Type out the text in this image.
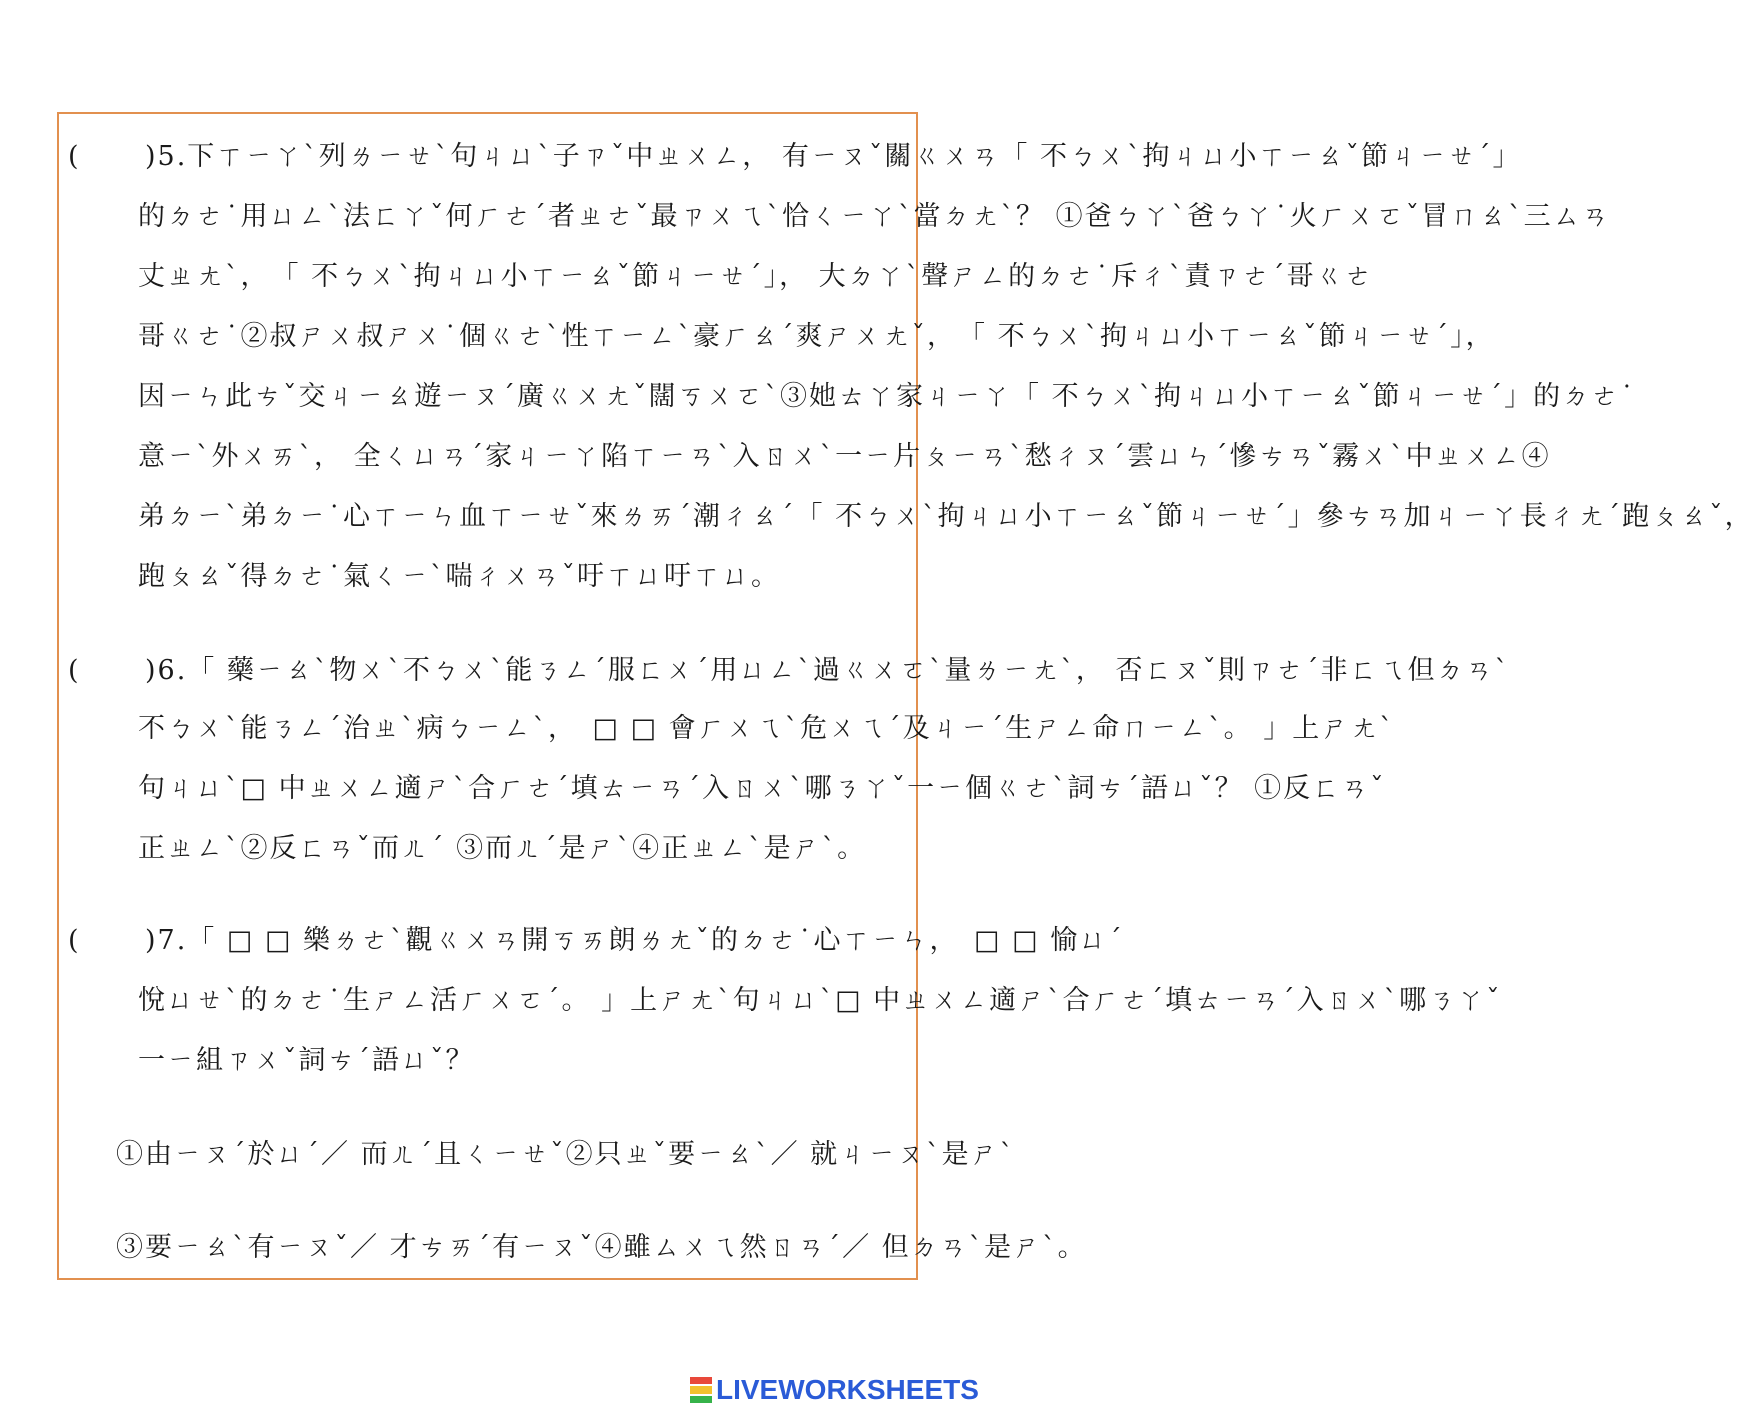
( )5.下ㄒㄧㄚˋ列ㄌㄧㄝˋ句ㄐㄩˋ子ㄗˇ中ㄓㄨㄥ， 有ㄧㄡˇ關ㄍㄨㄢ「 不ㄅㄨˋ拘ㄐㄩ小ㄒㄧㄠˇ節ㄐㄧㄝˊ」
的ㄉㄜ˙用ㄩㄥˋ法ㄈㄚˇ何ㄏㄜˊ者ㄓㄜˇ最ㄗㄨㄟˋ恰ㄑㄧㄚˋ當ㄉㄤˋ？ ①爸ㄅㄚˋ爸ㄅㄚ˙火ㄏㄨㄛˇ冒ㄇㄠˋ三ㄙㄢ
丈ㄓㄤˋ，　「 不ㄅㄨˋ拘ㄐㄩ小ㄒㄧㄠˇ節ㄐㄧㄝˊ」， 大ㄉㄚˋ聲ㄕㄥ的ㄉㄜ˙斥ㄔˋ責ㄗㄜˊ哥ㄍㄜ
哥ㄍㄜ˙②叔ㄕㄨ叔ㄕㄨ˙個ㄍㄜˋ性ㄒㄧㄥˋ豪ㄏㄠˊ爽ㄕㄨㄤˇ，　「 不ㄅㄨˋ拘ㄐㄩ小ㄒㄧㄠˇ節ㄐㄧㄝˊ」，
因ㄧㄣ此ㄘˇ交ㄐㄧㄠ遊ㄧㄡˊ廣ㄍㄨㄤˇ闊ㄎㄨㄛˋ③她ㄊㄚ家ㄐㄧㄚ「 不ㄅㄨˋ拘ㄐㄩ小ㄒㄧㄠˇ節ㄐㄧㄝˊ」的ㄉㄜ˙
意ㄧˋ外ㄨㄞˋ， 全ㄑㄩㄢˊ家ㄐㄧㄚ陷ㄒㄧㄢˋ入ㄖㄨˋ一ㄧ片ㄆㄧㄢˋ愁ㄔㄡˊ雲ㄩㄣˊ慘ㄘㄢˇ霧ㄨˋ中ㄓㄨㄥ④
弟ㄉㄧˋ弟ㄉㄧ˙心ㄒㄧㄣ血ㄒㄧㄝˇ來ㄌㄞˊ潮ㄔㄠˊ「 不ㄅㄨˋ拘ㄐㄩ小ㄒㄧㄠˇ節ㄐㄧㄝˊ」參ㄘㄢ加ㄐㄧㄚ長ㄔㄤˊ跑ㄆㄠˇ，
跑ㄆㄠˇ得ㄉㄜ˙氣ㄑㄧˋ喘ㄔㄨㄢˇ吁ㄒㄩ吁ㄒㄩ。
( )6.「 藥ㄧㄠˋ物ㄨˋ不ㄅㄨˋ能ㄋㄥˊ服ㄈㄨˊ用ㄩㄥˋ過ㄍㄨㄛˋ量ㄌㄧㄤˋ， 否ㄈㄡˇ則ㄗㄜˊ非ㄈㄟ但ㄉㄢˋ
不ㄅㄨˋ能ㄋㄥˊ治ㄓˋ病ㄅㄧㄥˋ，　□ □ 會ㄏㄨㄟˋ危ㄨㄟˊ及ㄐㄧˊ生ㄕㄥ命ㄇㄧㄥˋ。 」上ㄕㄤˋ
句ㄐㄩˋ□ 中ㄓㄨㄥ適ㄕˋ合ㄏㄜˊ填ㄊㄧㄢˊ入ㄖㄨˋ哪ㄋㄚˇ一ㄧ個ㄍㄜˋ詞ㄘˊ語ㄩˇ？ ①反ㄈㄢˇ
正ㄓㄥˋ②反ㄈㄢˇ而ㄦˊ ③而ㄦˊ是ㄕˋ④正ㄓㄥˋ是ㄕˋ。
( )7.「 □ □ 樂ㄌㄜˋ觀ㄍㄨㄢ開ㄎㄞ朗ㄌㄤˇ的ㄉㄜ˙心ㄒㄧㄣ，　□ □ 愉ㄩˊ
悅ㄩㄝˋ的ㄉㄜ˙生ㄕㄥ活ㄏㄨㄛˊ。 」上ㄕㄤˋ句ㄐㄩˋ□ 中ㄓㄨㄥ適ㄕˋ合ㄏㄜˊ填ㄊㄧㄢˊ入ㄖㄨˋ哪ㄋㄚˇ
一ㄧ組ㄗㄨˇ詞ㄘˊ語ㄩˇ？
①由ㄧㄡˊ於ㄩˊ／ 而ㄦˊ且ㄑㄧㄝˇ②只ㄓˇ要ㄧㄠˋ／ 就ㄐㄧㄡˋ是ㄕˋ
③要ㄧㄠˋ有ㄧㄡˇ／ 才ㄘㄞˊ有ㄧㄡˇ④雖ㄙㄨㄟ然ㄖㄢˊ／ 但ㄉㄢˋ是ㄕˋ。
LIVEWORKSHEETS
